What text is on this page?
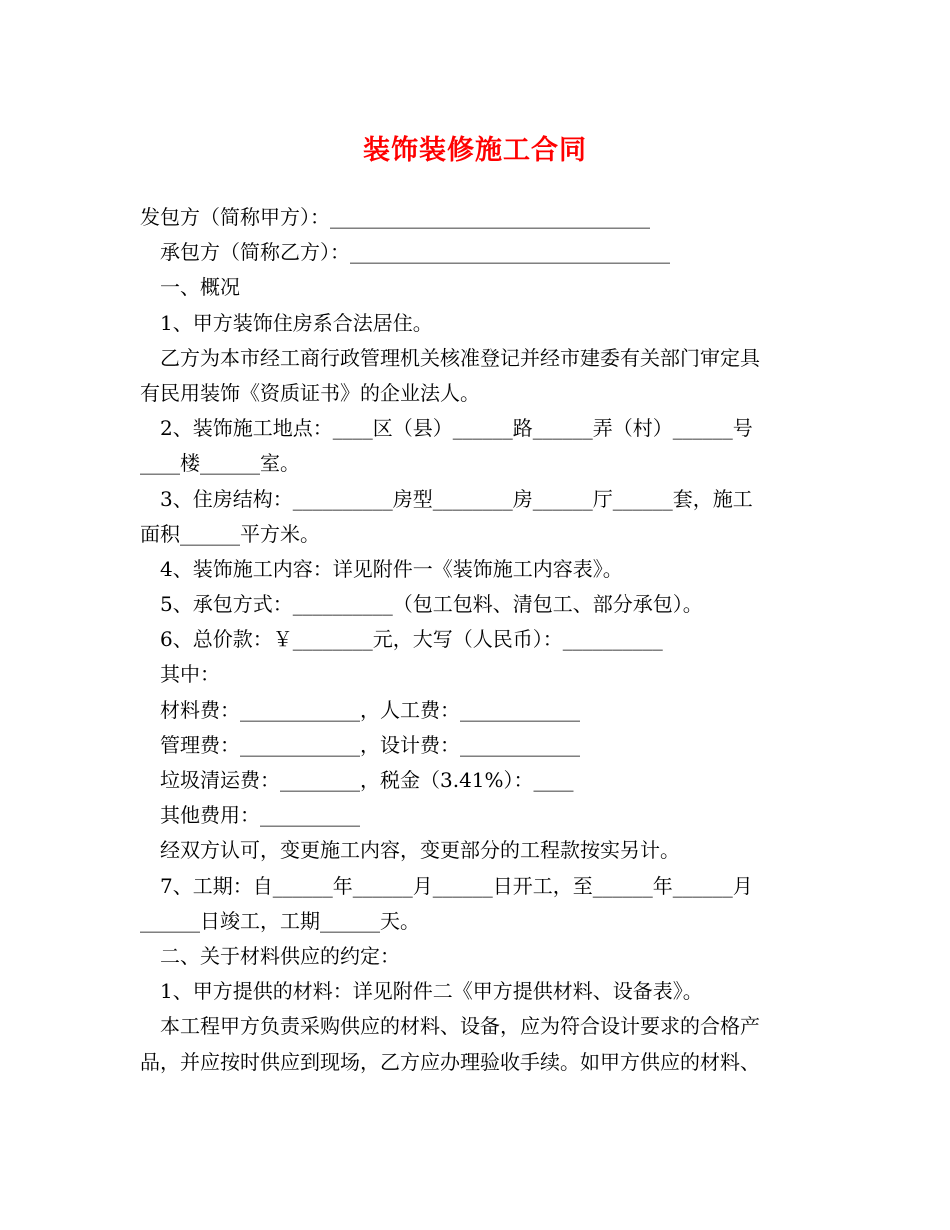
装饰装修施工合同
发包方（简称甲方）：________________________________
承包方（简称乙方）：________________________________
一、概况
1、甲方装饰住房系合法居住。
乙方为本市经工商行政管理机关核准登记并经市建委有关部门审定具
有民用装饰《资质证书》的企业法人。
2、装饰施工地点：____区（县）______路______弄（村）______号
____楼______室。
3、住房结构：__________房型________房______厅______套，施工
面积______平方米。
4、装饰施工内容：详见附件一《装饰施工内容表》。
5、承包方式：__________（包工包料、清包工、部分承包）。
6、总价款：￥________元，大写（人民币）：__________
其中：
材料费：____________，人工费：____________
管理费：____________，设计费：____________
垃圾清运费：________，税金（3.41%）：____
其他费用：__________
经双方认可，变更施工内容，变更部分的工程款按实另计。
7、工期：自______年______月______日开工，至______年______月
______日竣工，工期______天。
二、关于材料供应的约定：
1、甲方提供的材料：详见附件二《甲方提供材料、设备表》。
本工程甲方负责采购供应的材料、设备，应为符合设计要求的合格产
品，并应按时供应到现场，乙方应办理验收手续。如甲方供应的材料、
